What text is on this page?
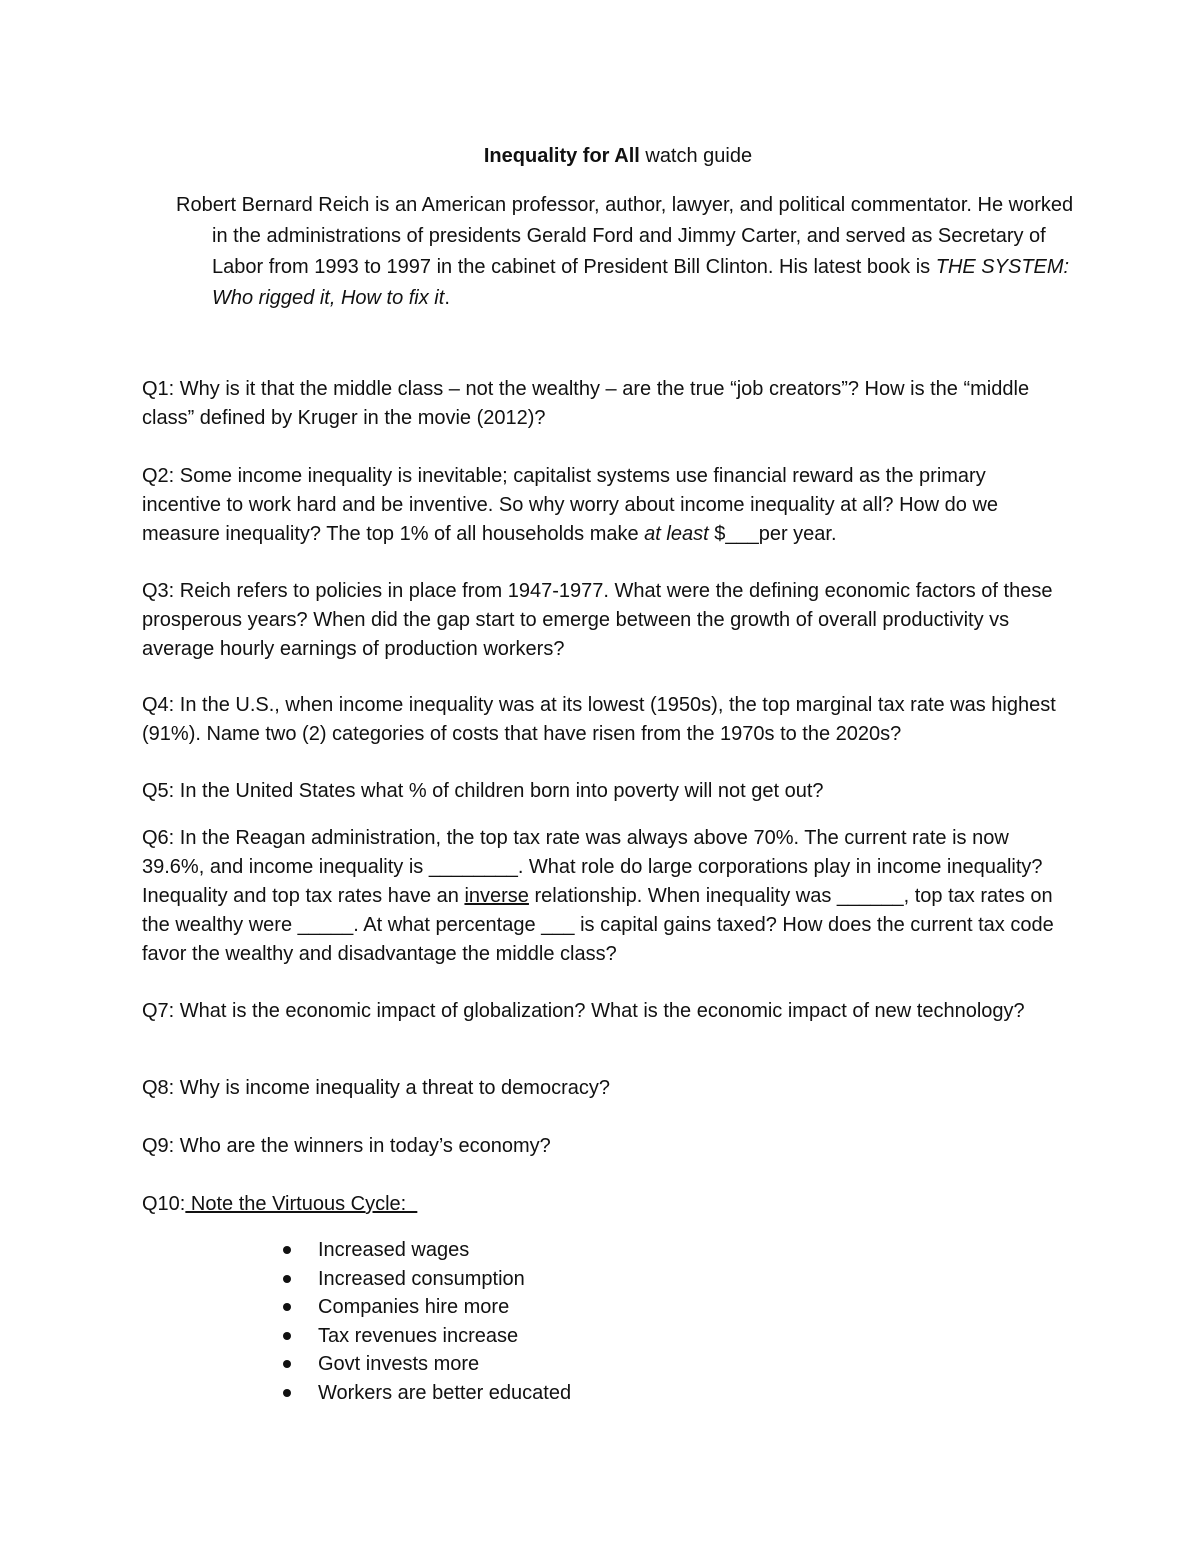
Inequality for All watch guide

Robert Bernard Reich is an American professor, author, lawyer, and political commentator. He worked in the administrations of presidents Gerald Ford and Jimmy Carter, and served as Secretary of Labor from 1993 to 1997 in the cabinet of President Bill Clinton. His latest book is THE SYSTEM: Who rigged it, How to fix it.

Q1: Why is it that the middle class – not the wealthy – are the true “job creators”? How is the “middle class” defined by Kruger in the movie (2012)?

Q2: Some income inequality is inevitable; capitalist systems use financial reward as the primary incentive to work hard and be inventive. So why worry about income inequality at all? How do we measure inequality? The top 1% of all households make at least $___per year.

Q3: Reich refers to policies in place from 1947-1977. What were the defining economic factors of these prosperous years? When did the gap start to emerge between the growth of overall productivity vs average hourly earnings of production workers?

Q4: In the U.S., when income inequality was at its lowest (1950s), the top marginal tax rate was highest (91%). Name two (2) categories of costs that have risen from the 1970s to the 2020s?

Q5: In the United States what % of children born into poverty will not get out?

Q6: In the Reagan administration, the top tax rate was always above 70%. The current rate is now 39.6%, and income inequality is ________. What role do large corporations play in income inequality? Inequality and top tax rates have an inverse relationship. When inequality was ______, top tax rates on the wealthy were _____. At what percentage ___ is capital gains taxed? How does the current tax code favor the wealthy and disadvantage the middle class?

Q7: What is the economic impact of globalization? What is the economic impact of new technology?

Q8: Why is income inequality a threat to democracy?

Q9: Who are the winners in today’s economy?

Q10: Note the Virtuous Cycle:

Increased wages
Increased consumption
Companies hire more
Tax revenues increase
Govt invests more
Workers are better educated
